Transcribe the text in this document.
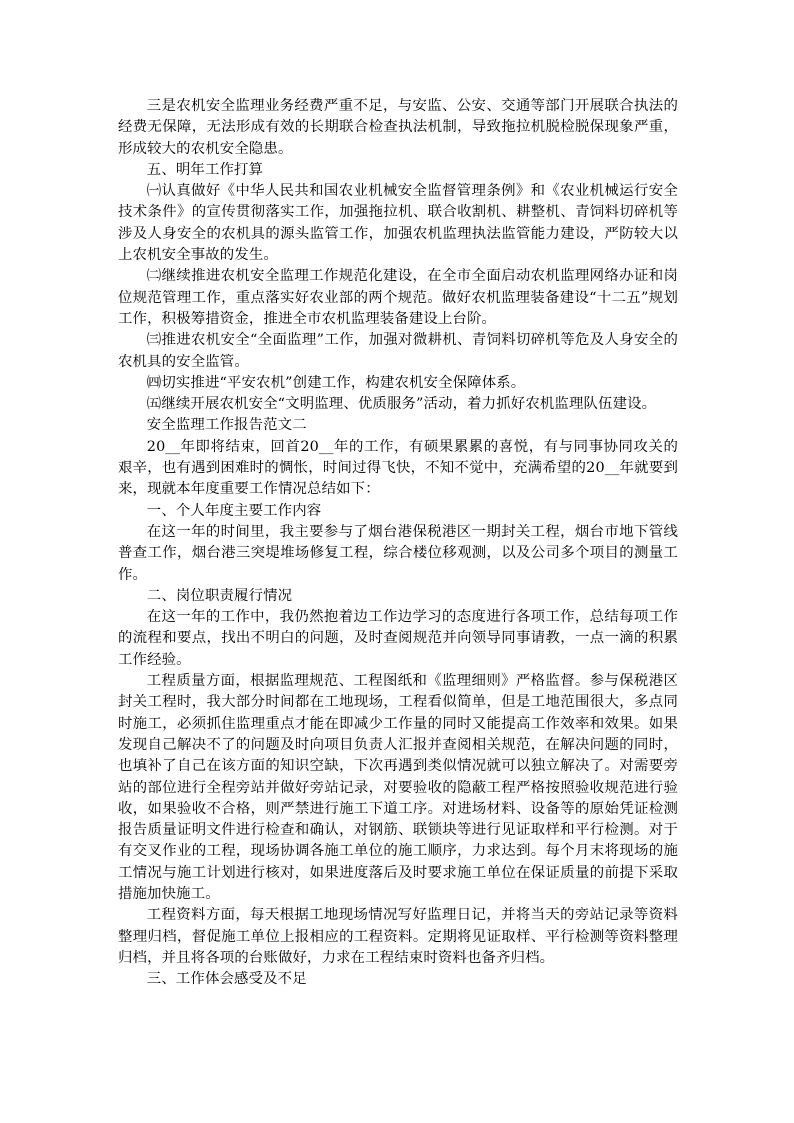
三是农机安全监理业务经费严重不足，与安监、公安、交通等部门开展联合执法的经费无保障，无法形成有效的长期联合检查执法机制，导致拖拉机脱检脱保现象严重，形成较大的农机安全隐患。

五、明年工作打算

㈠认真做好《中华人民共和国农业机械安全监督管理条例》和《农业机械运行安全技术条件》的宣传贯彻落实工作，加强拖拉机、联合收割机、耕整机、青饲料切碎机等涉及人身安全的农机具的源头监管工作，加强农机监理执法监管能力建设，严防较大以上农机安全事故的发生。

㈡继续推进农机安全监理工作规范化建设，在全市全面启动农机监理网络办证和岗位规范管理工作，重点落实好农业部的两个规范。做好农机监理装备建设“十二五”规划工作，积极筹措资金，推进全市农机监理装备建设上台阶。

㈢推进农机安全“全面监理”工作，加强对微耕机、青饲料切碎机等危及人身安全的农机具的安全监管。

㈣切实推进“平安农机”创建工作，构建农机安全保障体系。

㈤继续开展农机安全“文明监理、优质服务”活动，着力抓好农机监理队伍建设。

安全监理工作报告范文二

20__年即将结束，回首20__年的工作，有硕果累累的喜悦，有与同事协同攻关的艰辛，也有遇到困难时的惆怅，时间过得飞快，不知不觉中，充满希望的20__年就要到来，现就本年度重要工作情况总结如下：

一、个人年度主要工作内容

在这一年的时间里，我主要参与了烟台港保税港区一期封关工程，烟台市地下管线普查工作，烟台港三突堤堆场修复工程，综合楼位移观测，以及公司多个项目的测量工作。

二、岗位职责履行情况

在这一年的工作中，我仍然抱着边工作边学习的态度进行各项工作，总结每项工作的流程和要点，找出不明白的问题，及时查阅规范并向领导同事请教，一点一滴的积累工作经验。

工程质量方面，根据监理规范、工程图纸和《监理细则》严格监督。参与保税港区封关工程时，我大部分时间都在工地现场，工程看似简单，但是工地范围很大，多点同时施工，必须抓住监理重点才能在即减少工作量的同时又能提高工作效率和效果。如果发现自己解决不了的问题及时向项目负责人汇报并查阅相关规范，在解决问题的同时，也填补了自己在该方面的知识空缺，下次再遇到类似情况就可以独立解决了。对需要旁站的部位进行全程旁站并做好旁站记录，对要验收的隐蔽工程严格按照验收规范进行验收，如果验收不合格，则严禁进行施工下道工序。对进场材料、设备等的原始凭证检测报告质量证明文件进行检查和确认，对钢筋、联锁块等进行见证取样和平行检测。对于有交叉作业的工程，现场协调各施工单位的施工顺序，力求达到。每个月末将现场的施工情况与施工计划进行核对，如果进度落后及时要求施工单位在保证质量的前提下采取措施加快施工。

工程资料方面，每天根据工地现场情况写好监理日记，并将当天的旁站记录等资料整理归档，督促施工单位上报相应的工程资料。定期将见证取样、平行检测等资料整理归档，并且将各项的台账做好，力求在工程结束时资料也备齐归档。

三、工作体会感受及不足
